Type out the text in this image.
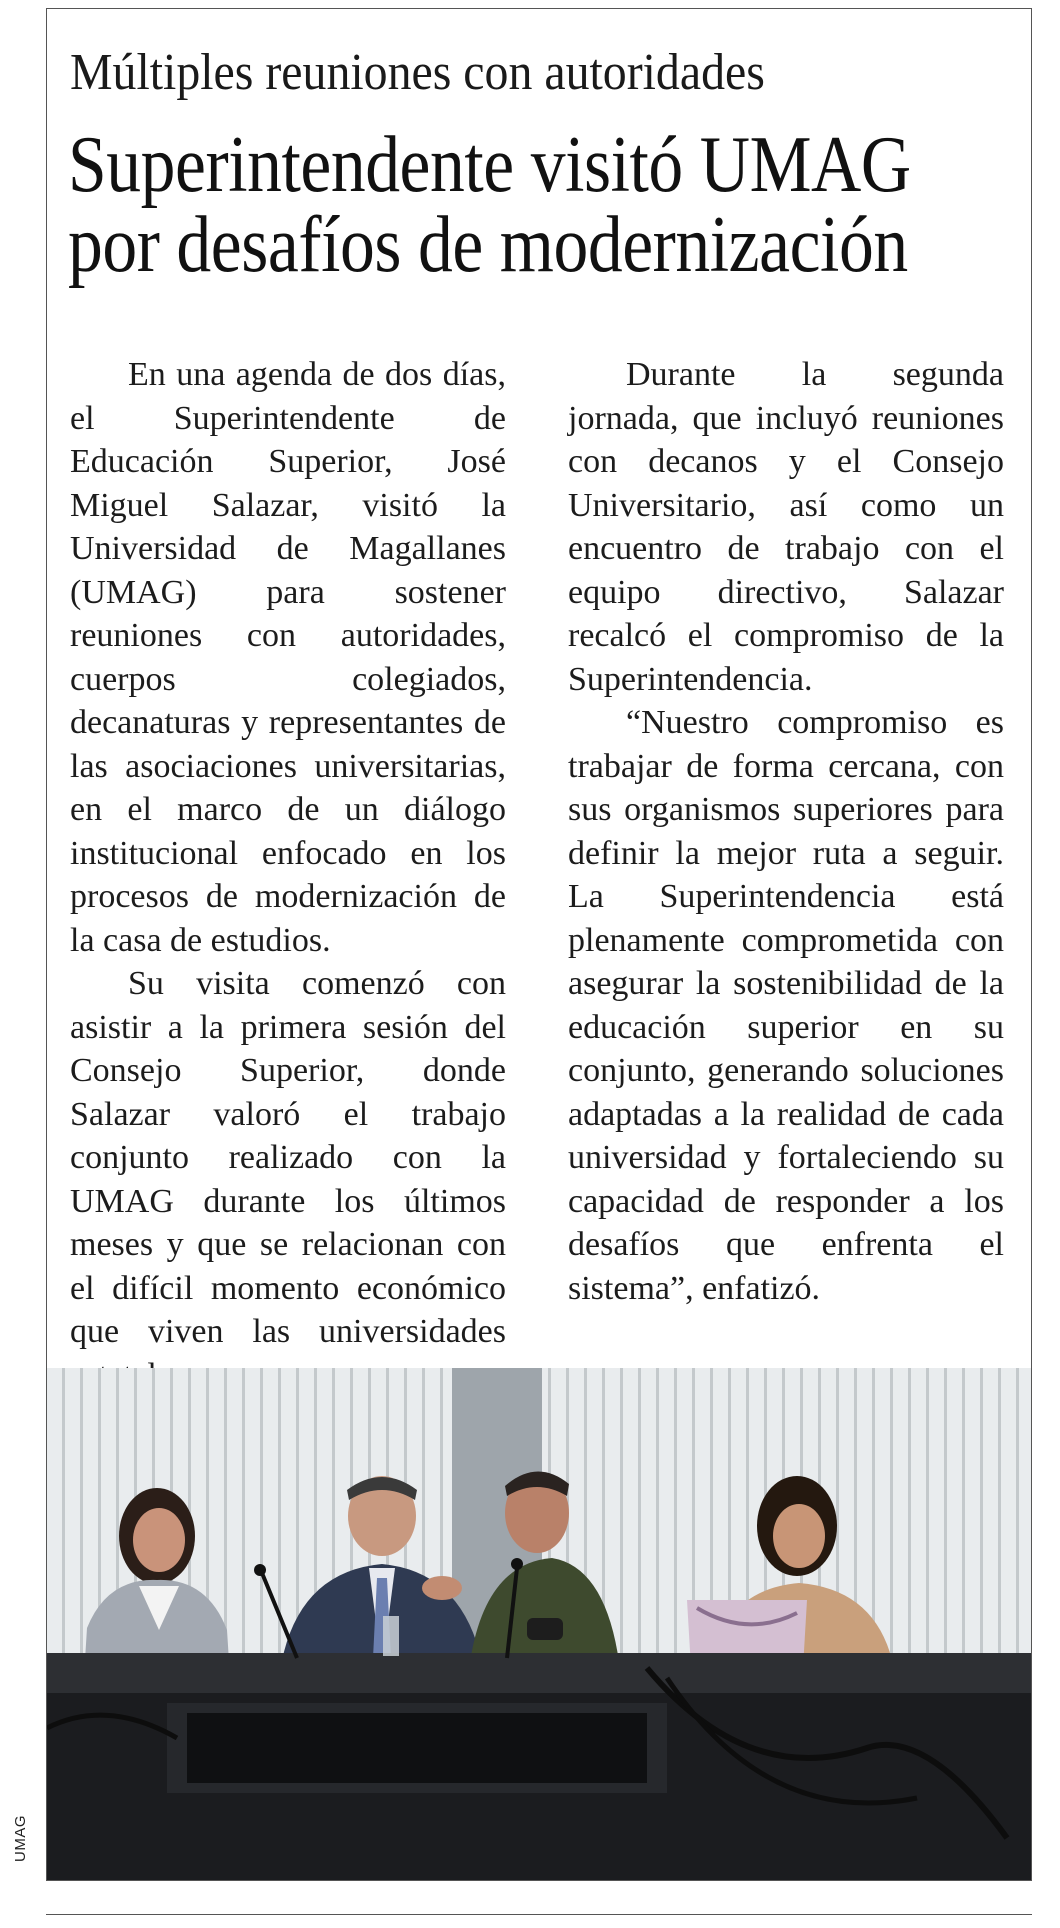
Múltiples reuniones con autoridades
Superintendente visitó UMAG por desafíos de modernización

En una agenda de dos días, el Superintendente de Educación Superior, José Miguel Salazar, visitó la Universidad de Magallanes (UMAG) para sostener reuniones con autoridades, cuerpos colegiados, decanaturas y representantes de las asociaciones universitarias, en el marco de un diálogo institucional enfocado en los procesos de modernización de la casa de estudios.

Su visita comenzó con asistir a la primera sesión del Consejo Superior, donde Salazar valoró el trabajo conjunto realizado con la UMAG durante los últimos meses y que se relacionan con el difícil momento económico que viven las universidades

Durante la segunda jornada, que incluyó reuniones con decanos y el Consejo Universitario, así como un encuentro de trabajo con el equipo directivo, Salazar recalcó el compromiso de la Superintendencia.

“Nuestro compromiso es trabajar de forma cercana, con sus organismos superiores para definir la mejor ruta a seguir. La Superintendencia está plenamente comprometida con asegurar la sostenibilidad de la educación superior en su conjunto, generando soluciones adaptadas a la realidad de cada universidad y fortaleciendo su capacidad de responder a los desafíos que enfrenta el sistema”, enfatizó.

UMAG
